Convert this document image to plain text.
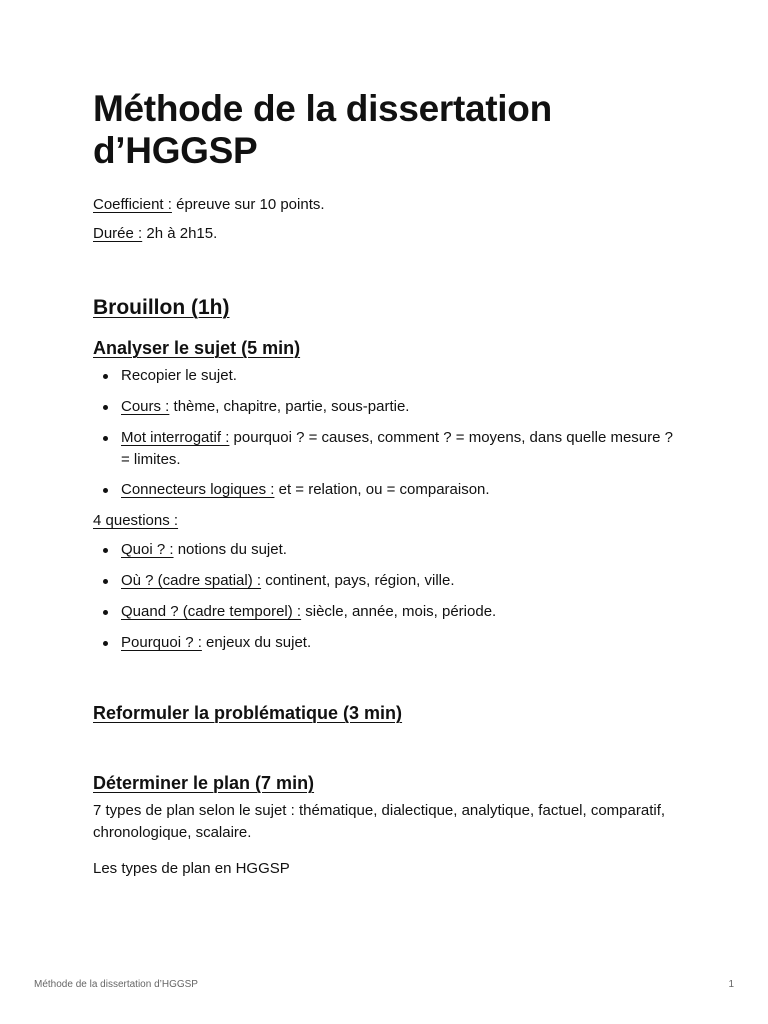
Méthode de la dissertation d’HGGSP

Coefficient : épreuve sur 10 points.

Durée : 2h à 2h15.

Brouillon (1h)
Analyser le sujet (5 min)
Recopier le sujet.
Cours : thème, chapitre, partie, sous-partie.
Mot interrogatif : pourquoi ? = causes, comment ? = moyens, dans quelle mesure ? = limites.
Connecteurs logiques : et = relation, ou = comparaison.

4 questions :

Quoi ? : notions du sujet.
Où ? (cadre spatial) : continent, pays, région, ville.
Quand ? (cadre temporel) : siècle, année, mois, période.
Pourquoi ? : enjeux du sujet.
Reformuler la problématique (3 min)
Déterminer le plan (7 min)

7 types de plan selon le sujet : thématique, dialectique, analytique, factuel, comparatif, chronologique, scalaire.

Les types de plan en HGGSP

Méthode de la dissertation d’HGGSP	1
